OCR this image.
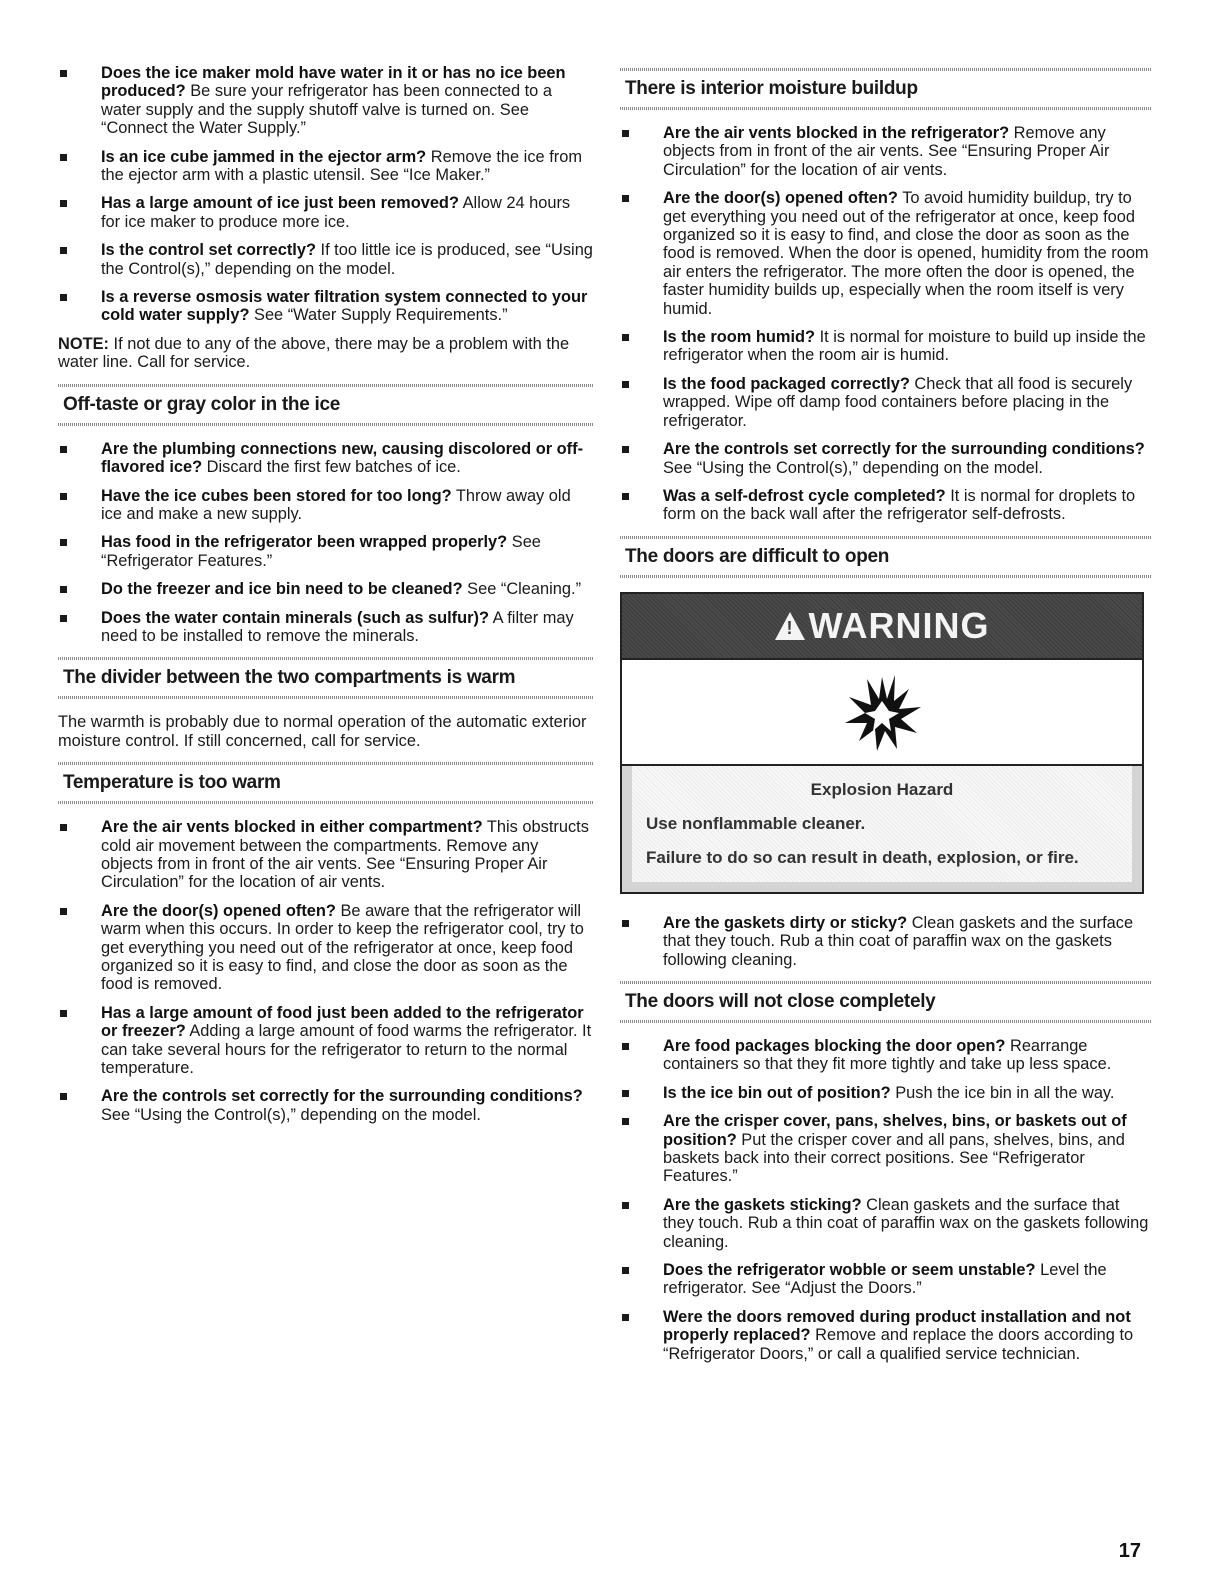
Does the ice maker mold have water in it or has no ice been produced? Be sure your refrigerator has been connected to a water supply and the supply shutoff valve is turned on. See “Connect the Water Supply.”
Is an ice cube jammed in the ejector arm? Remove the ice from the ejector arm with a plastic utensil. See “Ice Maker.”
Has a large amount of ice just been removed? Allow 24 hours for ice maker to produce more ice.
Is the control set correctly? If too little ice is produced, see “Using the Control(s),” depending on the model.
Is a reverse osmosis water filtration system connected to your cold water supply? See “Water Supply Requirements.”

NOTE: If not due to any of the above, there may be a problem with the water line. Call for service.

Off-taste or gray color in the ice
Are the plumbing connections new, causing discolored or off-flavored ice? Discard the first few batches of ice.
Have the ice cubes been stored for too long? Throw away old ice and make a new supply.
Has food in the refrigerator been wrapped properly? See “Refrigerator Features.”
Do the freezer and ice bin need to be cleaned? See “Cleaning.”
Does the water contain minerals (such as sulfur)? A filter may need to be installed to remove the minerals.
The divider between the two compartments is warm

The warmth is probably due to normal operation of the automatic exterior moisture control. If still concerned, call for service.

Temperature is too warm
Are the air vents blocked in either compartment? This obstructs cold air movement between the compartments. Remove any objects from in front of the air vents. See “Ensuring Proper Air Circulation” for the location of air vents.
Are the door(s) opened often? Be aware that the refrigerator will warm when this occurs. In order to keep the refrigerator cool, try to get everything you need out of the refrigerator at once, keep food organized so it is easy to find, and close the door as soon as the food is removed.
Has a large amount of food just been added to the refrigerator or freezer? Adding a large amount of food warms the refrigerator. It can take several hours for the refrigerator to return to the normal temperature.
Are the controls set correctly for the surrounding conditions? See “Using the Control(s),” depending on the model.
There is interior moisture buildup
Are the air vents blocked in the refrigerator? Remove any objects from in front of the air vents. See “Ensuring Proper Air Circulation” for the location of air vents.
Are the door(s) opened often? To avoid humidity buildup, try to get everything you need out of the refrigerator at once, keep food organized so it is easy to find, and close the door as soon as the food is removed. When the door is opened, humidity from the room air enters the refrigerator. The more often the door is opened, the faster humidity builds up, especially when the room itself is very humid.
Is the room humid? It is normal for moisture to build up inside the refrigerator when the room air is humid.
Is the food packaged correctly? Check that all food is securely wrapped. Wipe off damp food containers before placing in the refrigerator.
Are the controls set correctly for the surrounding conditions? See “Using the Control(s),” depending on the model.
Was a self-defrost cycle completed? It is normal for droplets to form on the back wall after the refrigerator self-defrosts.
The doors are difficult to open
! WARNING
Explosion Hazard
Use nonflammable cleaner.
Failure to do so can result in death, explosion, or fire.
Are the gaskets dirty or sticky? Clean gaskets and the surface that they touch. Rub a thin coat of paraffin wax on the gaskets following cleaning.
The doors will not close completely
Are food packages blocking the door open? Rearrange containers so that they fit more tightly and take up less space.
Is the ice bin out of position? Push the ice bin in all the way.
Are the crisper cover, pans, shelves, bins, or baskets out of position? Put the crisper cover and all pans, shelves, bins, and baskets back into their correct positions. See “Refrigerator Features.”
Are the gaskets sticking? Clean gaskets and the surface that they touch. Rub a thin coat of paraffin wax on the gaskets following cleaning.
Does the refrigerator wobble or seem unstable? Level the refrigerator. See “Adjust the Doors.”
Were the doors removed during product installation and not properly replaced? Remove and replace the doors according to “Refrigerator Doors,” or call a qualified service technician.
17
